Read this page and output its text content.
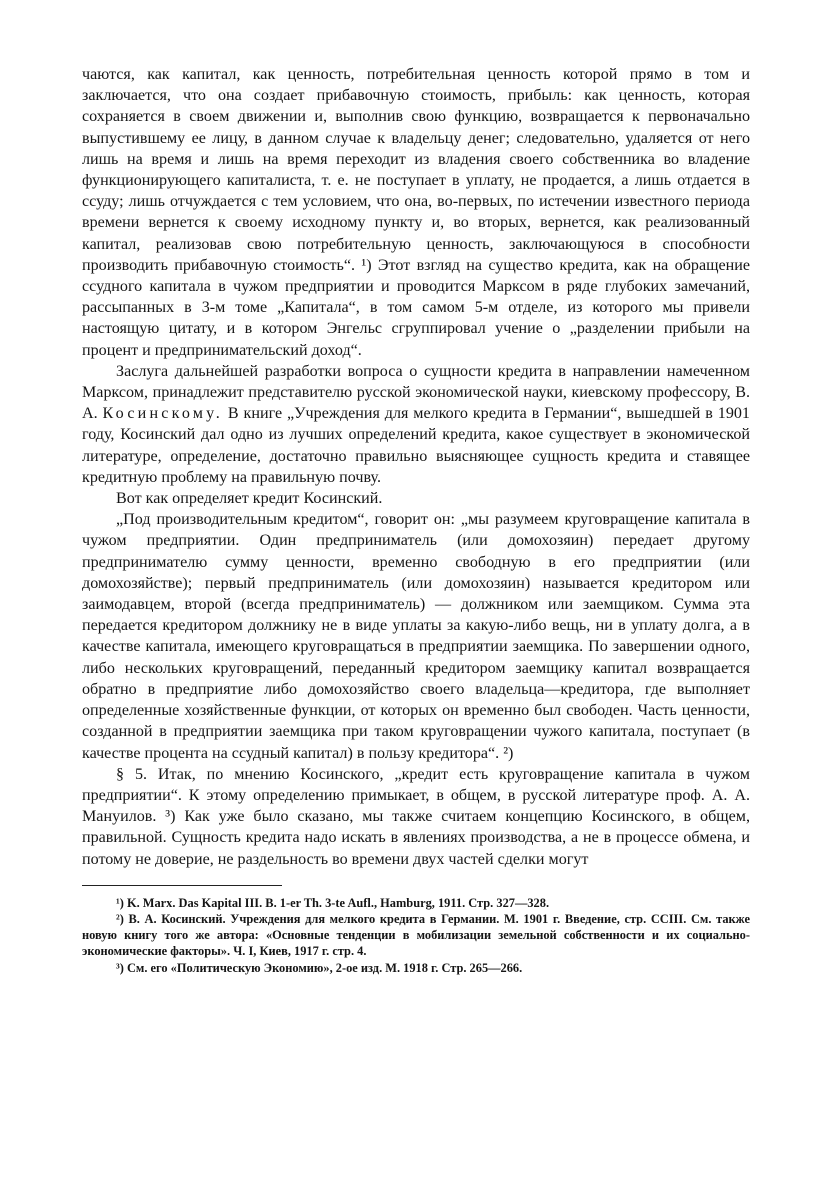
чаются, как капитал, как ценность, потребительная ценность которой прямо в том и заключается, что она создает прибавочную стоимость, прибыль: как ценность, которая сохраняется в своем движении и, выполнив свою функцию, возвращается к первоначально выпустившему ее лицу, в данном случае к владельцу денег; следовательно, удаляется от него лишь на время и лишь на время переходит из владения своего собственника во владение функционирующего капиталиста, т. е. не поступает в уплату, не продается, а лишь отдается в ссуду; лишь отчуждается с тем условием, что она, во-первых, по истечении известного периода времени вернется к своему исходному пункту и, во вторых, вернется, как реализованный капитал, реализовав свою потребительную ценность, заключающуюся в способности производить прибавочную стоимость“. ¹) Этот взгляд на существо кредита, как на обращение ссудного капитала в чужом предприятии и проводится Марксом в ряде глубоких замечаний, рассыпанных в 3-м томе „Капитала“, в том самом 5-м отделе, из которого мы привели настоящую цитату, и в котором Энгельс сгруппировал учение о „разделении прибыли на процент и предпринимательский доход“.

Заслуга дальнейшей разработки вопроса о сущности кредита в направлении намеченном Марксом, принадлежит представителю русской экономической науки, киевскому профессору, В. А. Косинскому. В книге „Учреждения для мелкого кредита в Германии“, вышедшей в 1901 году, Косинский дал одно из лучших определений кредита, какое существует в экономической литературе, определение, достаточно правильно выясняющее сущность кредита и ставящее кредитную проблему на правильную почву.

Вот как определяет кредит Косинский.

„Под производительным кредитом“, говорит он: „мы разумеем круговращение капитала в чужом предприятии. Один предприниматель (или домохозяин) передает другому предпринимателю сумму ценности, временно свободную в его предприятии (или домохозяйстве); первый предприниматель (или домохозяин) называется кредитором или заимодавцем, второй (всегда предприниматель) — должником или заемщиком. Сумма эта передается кредитором должнику не в виде уплаты за какую-либо вещь, ни в уплату долга, а в качестве капитала, имеющего круговращаться в предприятии заемщика. По завершении одного, либо нескольких круговращений, переданный кредитором заемщику капитал возвращается обратно в предприятие либо домохозяйство своего владельца—кредитора, где выполняет определенные хозяйственные функции, от которых он временно был свободен. Часть ценности, созданной в предприятии заемщика при таком круговращении чужого капитала, поступает (в качестве процента на ссудный капитал) в пользу кредитора“. ²)

§ 5. Итак, по мнению Косинского, „кредит есть круговращение капитала в чужом предприятии“. К этому определению примыкает, в общем, в русской литературе проф. А. А. Мануилов. ³) Как уже было сказано, мы также считаем концепцию Косинского, в общем, правильной. Сущность кредита надо искать в явлениях производства, а не в процессе обмена, и потому не доверие, не раздельность во времени двух частей сделки могут

¹) K. Marx. Das Kapital III. B. 1-er Th. 3-te Aufl., Hamburg, 1911. Стр. 327—328.

²) В. А. Косинский. Учреждения для мелкого кредита в Германии. М. 1901 г. Введение, стр. CCIII. См. также новую книгу того же автора: «Основные тенденции в мобилизации земельной собственности и их социально-экономические факторы». Ч. I, Киев, 1917 г. стр. 4.

³) См. его «Политическую Экономию», 2-ое изд. М. 1918 г. Стр. 265—266.
